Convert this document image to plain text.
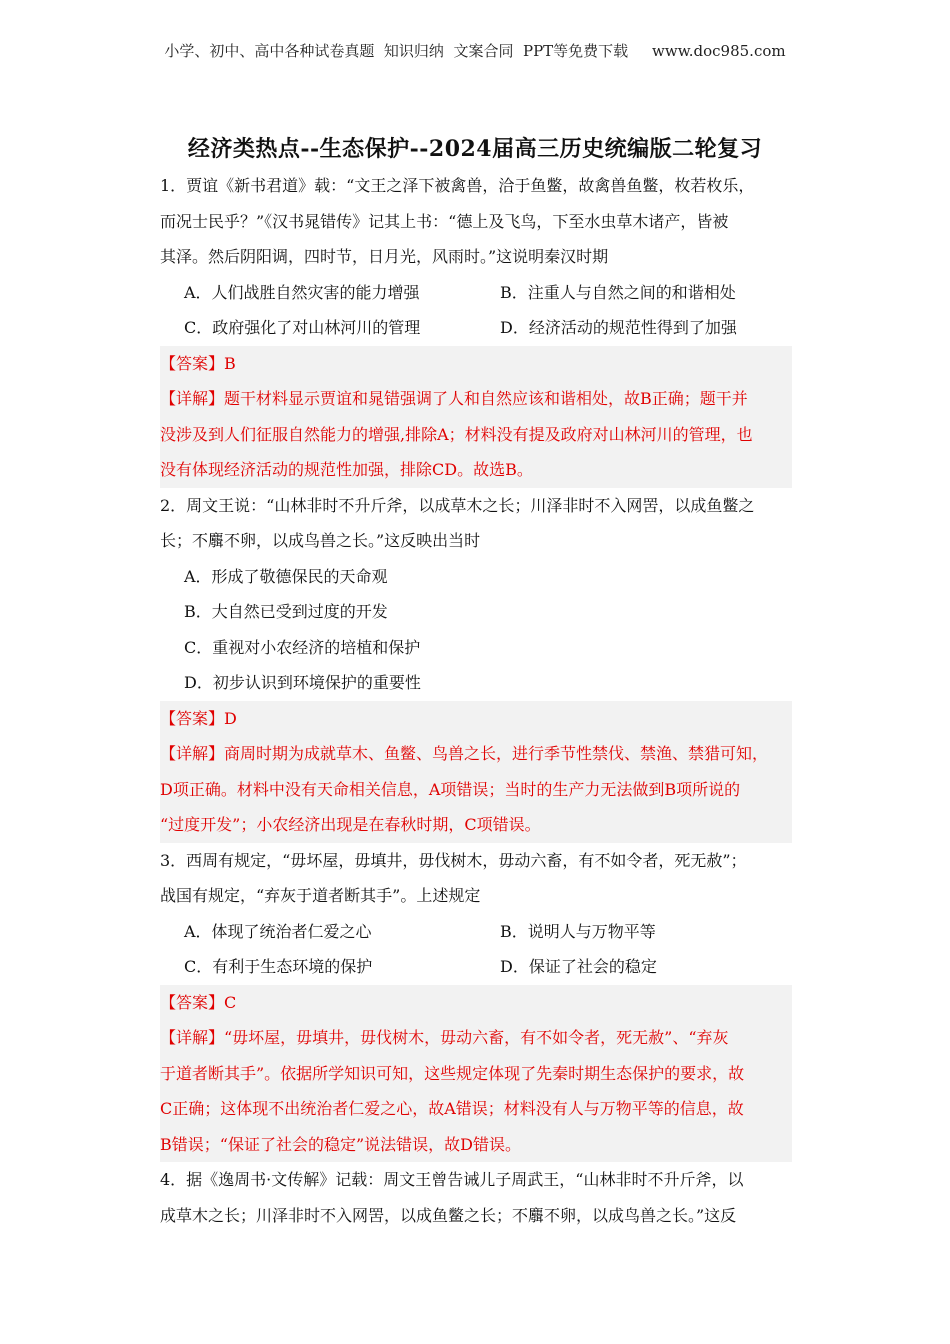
小学、初中、高中各种试卷真题  知识归纳  文案合同  PPT等免费下载     www.doc985.com
经济类热点--生态保护--2024届高三历史统编版二轮复习
1．贾谊《新书君道》载：“文王之泽下被禽兽，洽于鱼鳖，故禽兽鱼鳖，枚若枚乐，
而况士民乎？”《汉书晁错传》记其上书：“德上及飞鸟，下至水虫草木诸产，皆被
其泽。然后阴阳调，四时节，日月光，风雨时。”这说明秦汉时期
A．人们战胜自然灾害的能力增强	B．注重人与自然之间的和谐相处
C．政府强化了对山林河川的管理	D．经济活动的规范性得到了加强
【答案】B
【详解】题干材料显示贾谊和晁错强调了人和自然应该和谐相处，故B正确；题干并
没涉及到人们征服自然能力的增强,排除A；材料没有提及政府对山林河川的管理，也
没有体现经济活动的规范性加强，排除CD。故选B。
2．周文王说：“山林非时不升斤斧，以成草木之长；川泽非时不入网罟，以成鱼鳖之
长；不麛不卵，以成鸟兽之长。”这反映出当时
A．形成了敬德保民的天命观
B．大自然已受到过度的开发
C．重视对小农经济的培植和保护
D．初步认识到环境保护的重要性
【答案】D
【详解】商周时期为成就草木、鱼鳖、鸟兽之长，进行季节性禁伐、禁渔、禁猎可知，
D项正确。材料中没有天命相关信息，A项错误；当时的生产力无法做到B项所说的
“过度开发”；小农经济出现是在春秋时期，C项错误。
3．西周有规定，“毋坏屋，毋填井，毋伐树木，毋动六畜，有不如令者，死无赦”；
战国有规定，“弃灰于道者断其手”。上述规定
A．体现了统治者仁爱之心	B．说明人与万物平等
C．有利于生态环境的保护	D．保证了社会的稳定
【答案】C
【详解】“毋坏屋，毋填井，毋伐树木，毋动六畜，有不如令者，死无赦”、“弃灰
于道者断其手”。依据所学知识可知，这些规定体现了先秦时期生态保护的要求，故
C正确；这体现不出统治者仁爱之心，故A错误；材料没有人与万物平等的信息，故
B错误；“保证了社会的稳定”说法错误，故D错误。
4．据《逸周书·文传解》记载：周文王曾告诫儿子周武王，“山林非时不升斤斧，以
成草木之长；川泽非时不入网罟，以成鱼鳖之长；不麛不卵，以成鸟兽之长。”这反
